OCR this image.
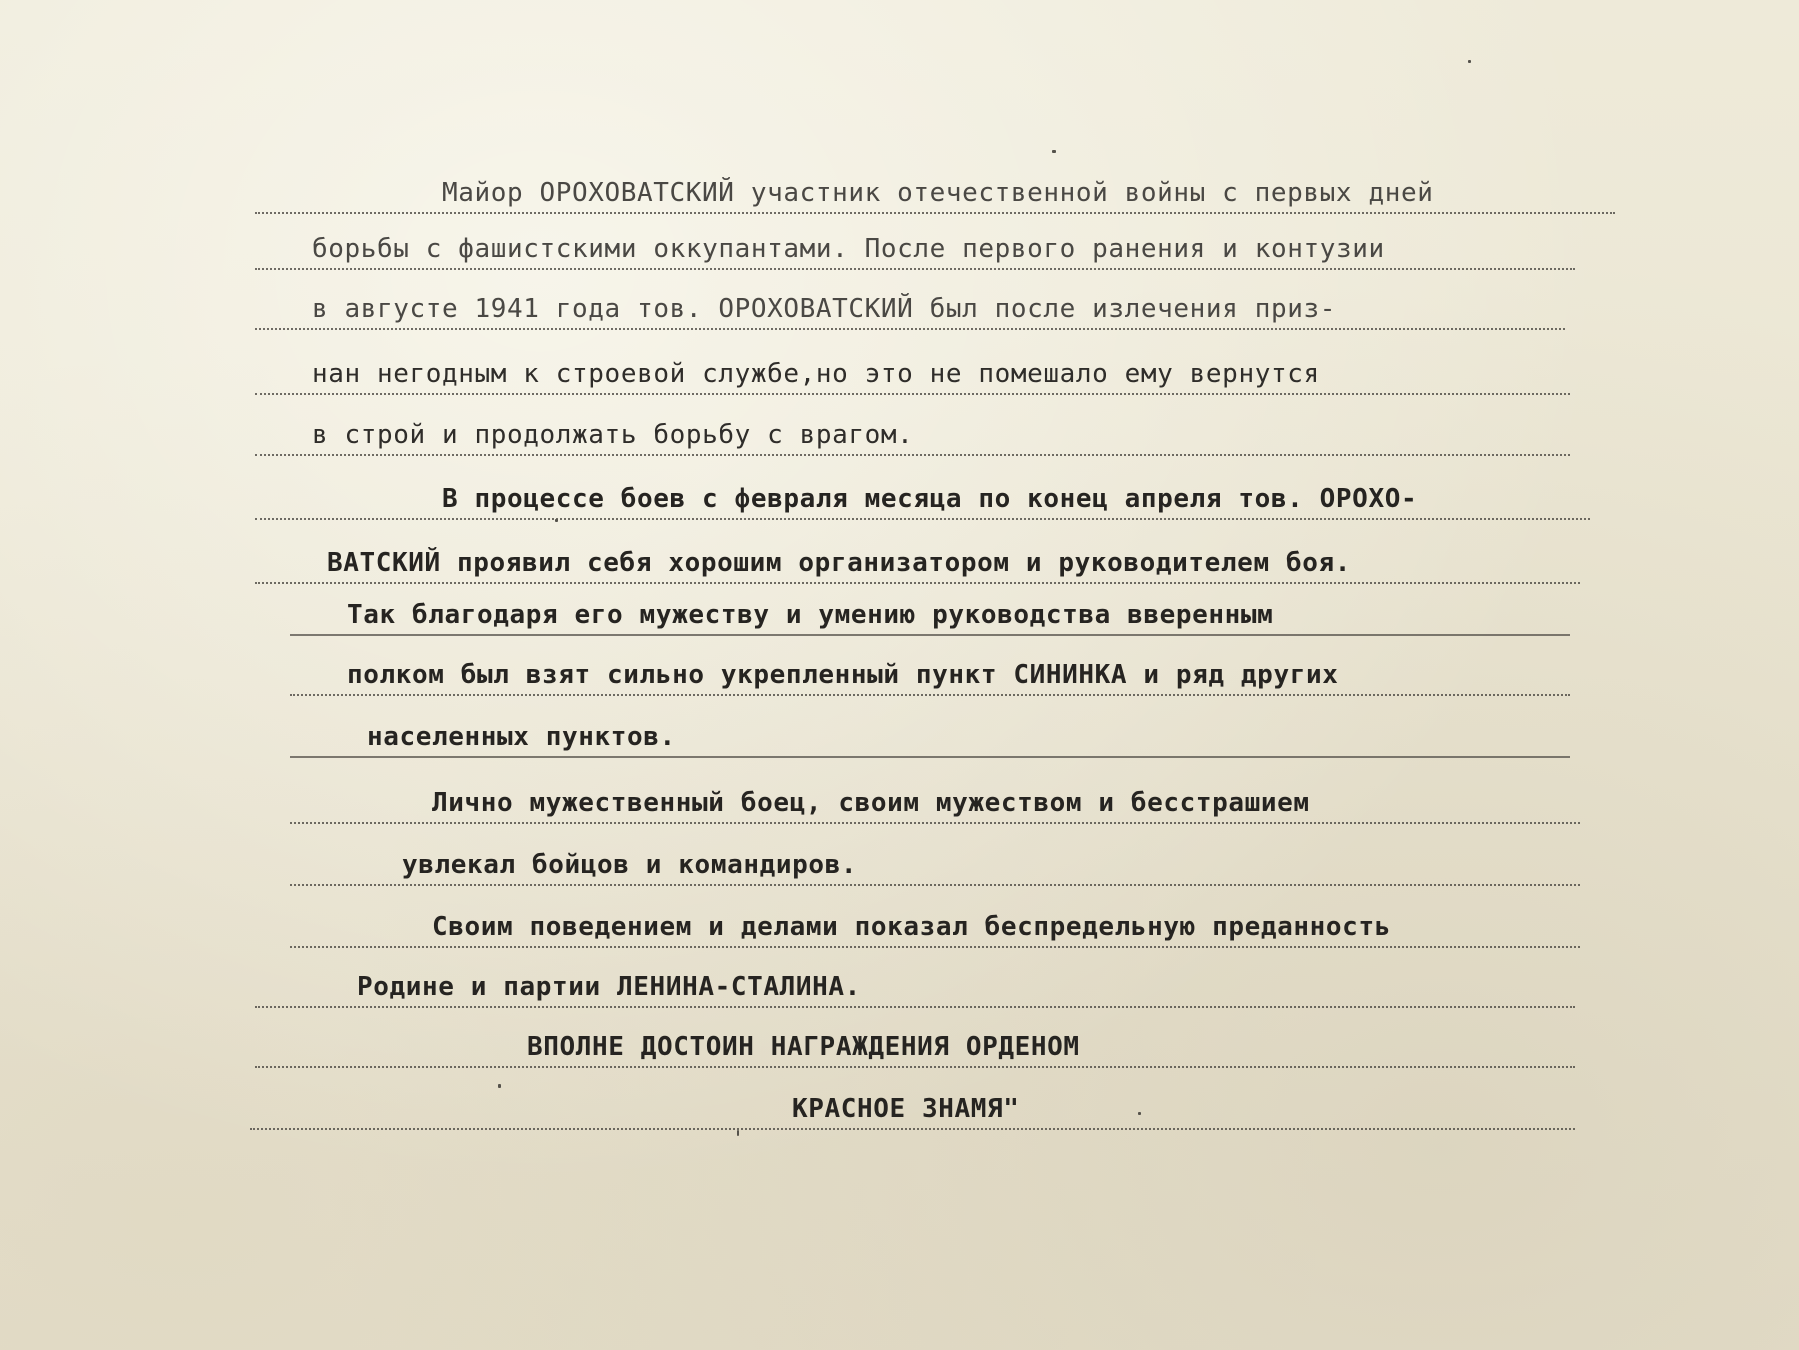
Майор ОРОХОВАТСКИЙ участник отечественной войны с первых дней
борьбы с фашистскими оккупантами. После первого ранения и контузии
в августе 1941 года тов. ОРОХОВАТСКИЙ был после излечения приз-
нан негодным к строевой службе,но это не помешало ему вернутся
в строй и продолжать борьбу с врагом.
В процессе боев с февраля месяца по конец апреля тов. ОРОХО-
ВАТСКИЙ проявил себя хорошим организатором и руководителем боя.
Так благодаря его мужеству и умению руководства вверенным
полком был взят сильно укрепленный пункт СИНИНКА и ряд других
населенных пунктов.
Лично мужественный боец, своим мужеством и бесстрашием
увлекал бойцов и командиров.
Своим поведением и делами показал беспредельную преданность
Родине и партии ЛЕНИНА-СТАЛИНА.
ВПОЛНЕ ДОСТОИН НАГРАЖДЕНИЯ ОРДЕНОМ
КРАСНОЕ ЗНАМЯ"
